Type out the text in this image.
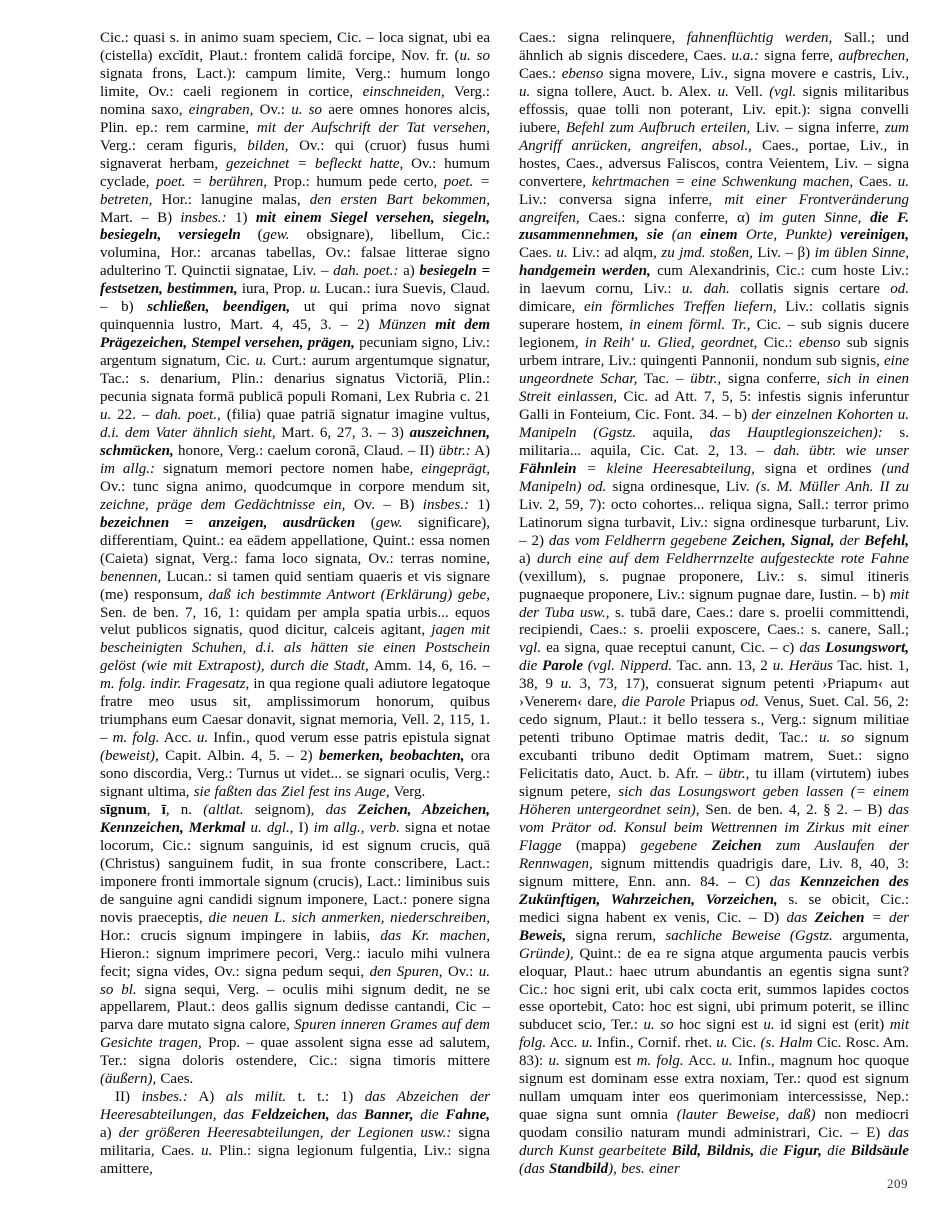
Cic.: quasi s. in animo suam speciem, Cic. – loca signat, ubi ea (cistella) excĭdit, Plaut.: frontem calidā forcipe, Nov. fr. (u. so signata frons, Lact.): campum limite, Verg.: humum longo limite, Ov.: caeli regionem in cortice, einschneiden, Verg.: nomina saxo, eingraben, Ov.: u. so aere omnes honores alcis, Plin. ep.: rem carmine, mit der Aufschrift der Tat versehen, Verg.: ceram figuris, bilden, Ov.: qui (cruor) fusus humi signaverat herbam, gezeichnet = befleckt hatte, Ov.: humum cyclade, poet. = berühren, Prop.: humum pede certo, poet. = betreten, Hor.: lanugine malas, den ersten Bart bekommen, Mart. – B) insbes.: 1) mit einem Siegel versehen, siegeln, besiegeln, versiegeln (gew. obsignare), libellum, Cic.: volumina, Hor.: arcanas tabellas, Ov.: falsae litterae signo adulterino T. Quinctii signatae, Liv. – dah. poet.: a) besiegeln = festsetzen, bestimmen, iura, Prop. u. Lucan.: iura Suevis, Claud. – b) schließen, beendigen, ut qui prima novo signat quinquennia lustro, Mart. 4, 45, 3. – 2) Münzen mit dem Prägezeichen, Stempel versehen, prägen, pecuniam signo, Liv.: argentum signatum, Cic. u. Curt.: aurum argentumque signatur, Tac.: s. denarium, Plin.: denarius signatus Victoriā, Plin.: pecunia signata formā publicā populi Romani, Lex Rubria c. 21 u. 22. – dah. poet., (filia) quae patriā signatur imagine vultus, d.i. dem Vater ähnlich sieht, Mart. 6, 27, 3. – 3) auszeichnen, schmücken, honore, Verg.: caelum coronā, Claud. – II) übtr.: A) im allg.: signatum memori pectore nomen habe, eingeprägt, Ov.: tunc signa animo, quodcumque in corpore mendum sit, zeichne, präge dem Gedächtnisse ein, Ov. – B) insbes.: 1) bezeichnen = anzeigen, ausdrücken (gew. significare), differentiam, Quint.: ea eādem appellatione, Quint.: essa nomen (Caieta) signat, Verg.: fama loco signata, Ov.: terras nomine, benennen, Lucan.: si tamen quid sentiam quaeris et vis signare (me) responsum, daß ich bestimmte Antwort (Erklärung) gebe, Sen. de ben. 7, 16, 1: quidam per ampla spatia urbis... equos velut publicos signatis, quod dicitur, calceis agitant, jagen mit bescheinigten Schuhen, d.i. als hätten sie einen Postschein gelöst (wie mit Extrapost), durch die Stadt, Amm. 14, 6, 16. – m. folg. indir. Fragesatz, in qua regione quali adiutore legatoque fratre meo usus sit, amplissimorum honorum, quibus triumphans eum Caesar donavit, signat memoria, Vell. 2, 115, 1. – m. folg. Acc. u. Infin., quod verum esse patris epistula signat (beweist), Capit. Albin. 4, 5. – 2) bemerken, beobachten, ora sono discordia, Verg.: Turnus ut videt... se signari oculis, Verg.: signant ultima, sie faßten das Ziel fest ins Auge, Verg.

sīgnum, ī, n. (altlat. seignom), das Zeichen, Abzeichen, Kennzeichen, Merkmal u. dgl., I) im allg., verb. signa et notae locorum, Cic.: signum sanguinis, id est signum crucis, quā (Christus) sanguinem fudit, in sua fronte conscribere, Lact.: imponere fronti immortale signum (crucis), Lact.: liminibus suis de sanguine agni candidi signum imponere, Lact.: ponere signa novis praeceptis, die neuen L. sich anmerken, niederschreiben, Hor.: crucis signum impingere in labiis, das Kr. machen, Hieron.: signum imprimere pecori, Verg.: iaculo mihi vulnera fecit; signa vides, Ov.: signa pedum sequi, den Spuren, Ov.: u. so bl. signa sequi, Verg. – oculis mihi signum dedit, ne se appellarem, Plaut.: deos gallis signum dedisse cantandi, Cic – parva dare mutato signa calore, Spuren inneren Grames auf dem Gesichte tragen, Prop. – quae assolent signa esse ad salutem, Ter.: signa doloris ostendere, Cic.: signa timoris mittere (äußern), Caes.

II) insbes.: A) als milit. t. t.: 1) das Abzeichen der Heeresabteilungen, das Feldzeichen, das Banner, die Fahne, a) der größeren Heeresabteilungen, der Legionen usw.: signa militaria, Caes. u. Plin.: signa legionum fulgentia, Liv.: signa amittere,

Caes.: signa relinquere, fahnenflüchtig werden, Sall.; und ähnlich ab signis discedere, Caes. u.a.: signa ferre, aufbrechen, Caes.: ebenso signa movere, Liv., signa movere e castris, Liv., u. signa tollere, Auct. b. Alex. u. Vell. (vgl. signis militaribus effossis, quae tolli non poterant, Liv. epit.): signa convelli iubere, Befehl zum Aufbruch erteilen, Liv. – signa inferre, zum Angriff anrücken, angreifen, absol., Caes., portae, Liv., in hostes, Caes., adversus Faliscos, contra Veientem, Liv. – signa convertere, kehrtmachen = eine Schwenkung machen, Caes. u. Liv.: conversa signa inferre, mit einer Frontveränderung angreifen, Caes.: signa conferre, α) im guten Sinne, die F. zusammennehmen, sie (an einem Orte, Punkte) vereinigen, Caes. u. Liv.: ad alqm, zu jmd. stoßen, Liv. – β) im üblen Sinne, handgemein werden, cum Alexandrinis, Cic.: cum hoste Liv.: in laevum cornu, Liv.: u. dah. collatis signis certare od. dimicare, ein förmliches Treffen liefern, Liv.: collatis signis superare hostem, in einem förml. Tr., Cic. – sub signis ducere legionem, in Reih' u. Glied, geordnet, Cic.: ebenso sub signis urbem intrare, Liv.: quingenti Pannonii, nondum sub signis, eine ungeordnete Schar, Tac. – übtr., signa conferre, sich in einen Streit einlassen, Cic. ad Att. 7, 5, 5: infestis signis inferuntur Galli in Fonteium, Cic. Font. 34. – b) der einzelnen Kohorten u. Manipeln (Ggstz. aquila, das Hauptlegionszeichen): s. militaria... aquila, Cic. Cat. 2, 13. – dah. übtr. wie unser Fähnlein = kleine Heeresabteilung, signa et ordines (und Manipeln) od. signa ordinesque, Liv. (s. M. Müller Anh. II zu Liv. 2, 59, 7): octo cohortes... reliqua signa, Sall.: terror primo Latinorum signa turbavit, Liv.: signa ordinesque turbarunt, Liv. – 2) das vom Feldherrn gegebene Zeichen, Signal, der Befehl, a) durch eine auf dem Feldherrnzelte aufgesteckte rote Fahne (vexillum), s. pugnae proponere, Liv.: s. simul itineris pugnaeque proponere, Liv.: signum pugnae dare, Iustin. – b) mit der Tuba usw., s. tubā dare, Caes.: dare s. proelii committendi, recipiendi, Caes.: s. proelii exposcere, Caes.: s. canere, Sall.; vgl. ea signa, quae receptui canunt, Cic. – c) das Losungswort, die Parole (vgl. Nipperd. Tac. ann. 13, 2 u. Heräus Tac. hist. 1, 38, 9 u. 3, 73, 17), consuerat signum petenti ›Priapum‹ aut ›Venerem‹ dare, die Parole Priapus od. Venus, Suet. Cal. 56, 2: cedo signum, Plaut.: it bello tessera s., Verg.: signum militiae petenti tribuno Optimae matris dedit, Tac.: u. so signum excubanti tribuno dedit Optimam matrem, Suet.: signo Felicitatis dato, Auct. b. Afr. – übtr., tu illam (virtutem) iubes signum petere, sich das Losungswort geben lassen (= einem Höheren untergeordnet sein), Sen. de ben. 4, 2. § 2. – B) das vom Prätor od. Konsul beim Wettrennen im Zirkus mit einer Flagge (mappa) gegebene Zeichen zum Auslaufen der Rennwagen, signum mittendis quadrigis dare, Liv. 8, 40, 3: signum mittere, Enn. ann. 84. – C) das Kennzeichen des Zukünftigen, Wahrzeichen, Vorzeichen, s. se obicit, Cic.: medici signa habent ex venis, Cic. – D) das Zeichen = der Beweis, signa rerum, sachliche Beweise (Ggstz. argumenta, Gründe), Quint.: de ea re signa atque argumenta paucis verbis eloquar, Plaut.: haec utrum abundantis an egentis signa sunt? Cic.: hoc signi erit, ubi calx cocta erit, summos lapides coctos esse oportebit, Cato: hoc est signi, ubi primum poterit, se illinc subducet scio, Ter.: u. so hoc signi est u. id signi est (erit) mit folg. Acc. u. Infin., Cornif. rhet. u. Cic. (s. Halm Cic. Rosc. Am. 83): u. signum est m. folg. Acc. u. Infin., magnum hoc quoque signum est dominam esse extra noxiam, Ter.: quod est signum nullam umquam inter eos querimoniam intercessisse, Nep.: quae signa sunt omnia (lauter Beweise, daß) non mediocri quodam consilio naturam mundi administrari, Cic. – E) das durch Kunst gearbeitete Bild, Bildnis, die Figur, die Bildsäule (das Standbild), bes. einer

209
